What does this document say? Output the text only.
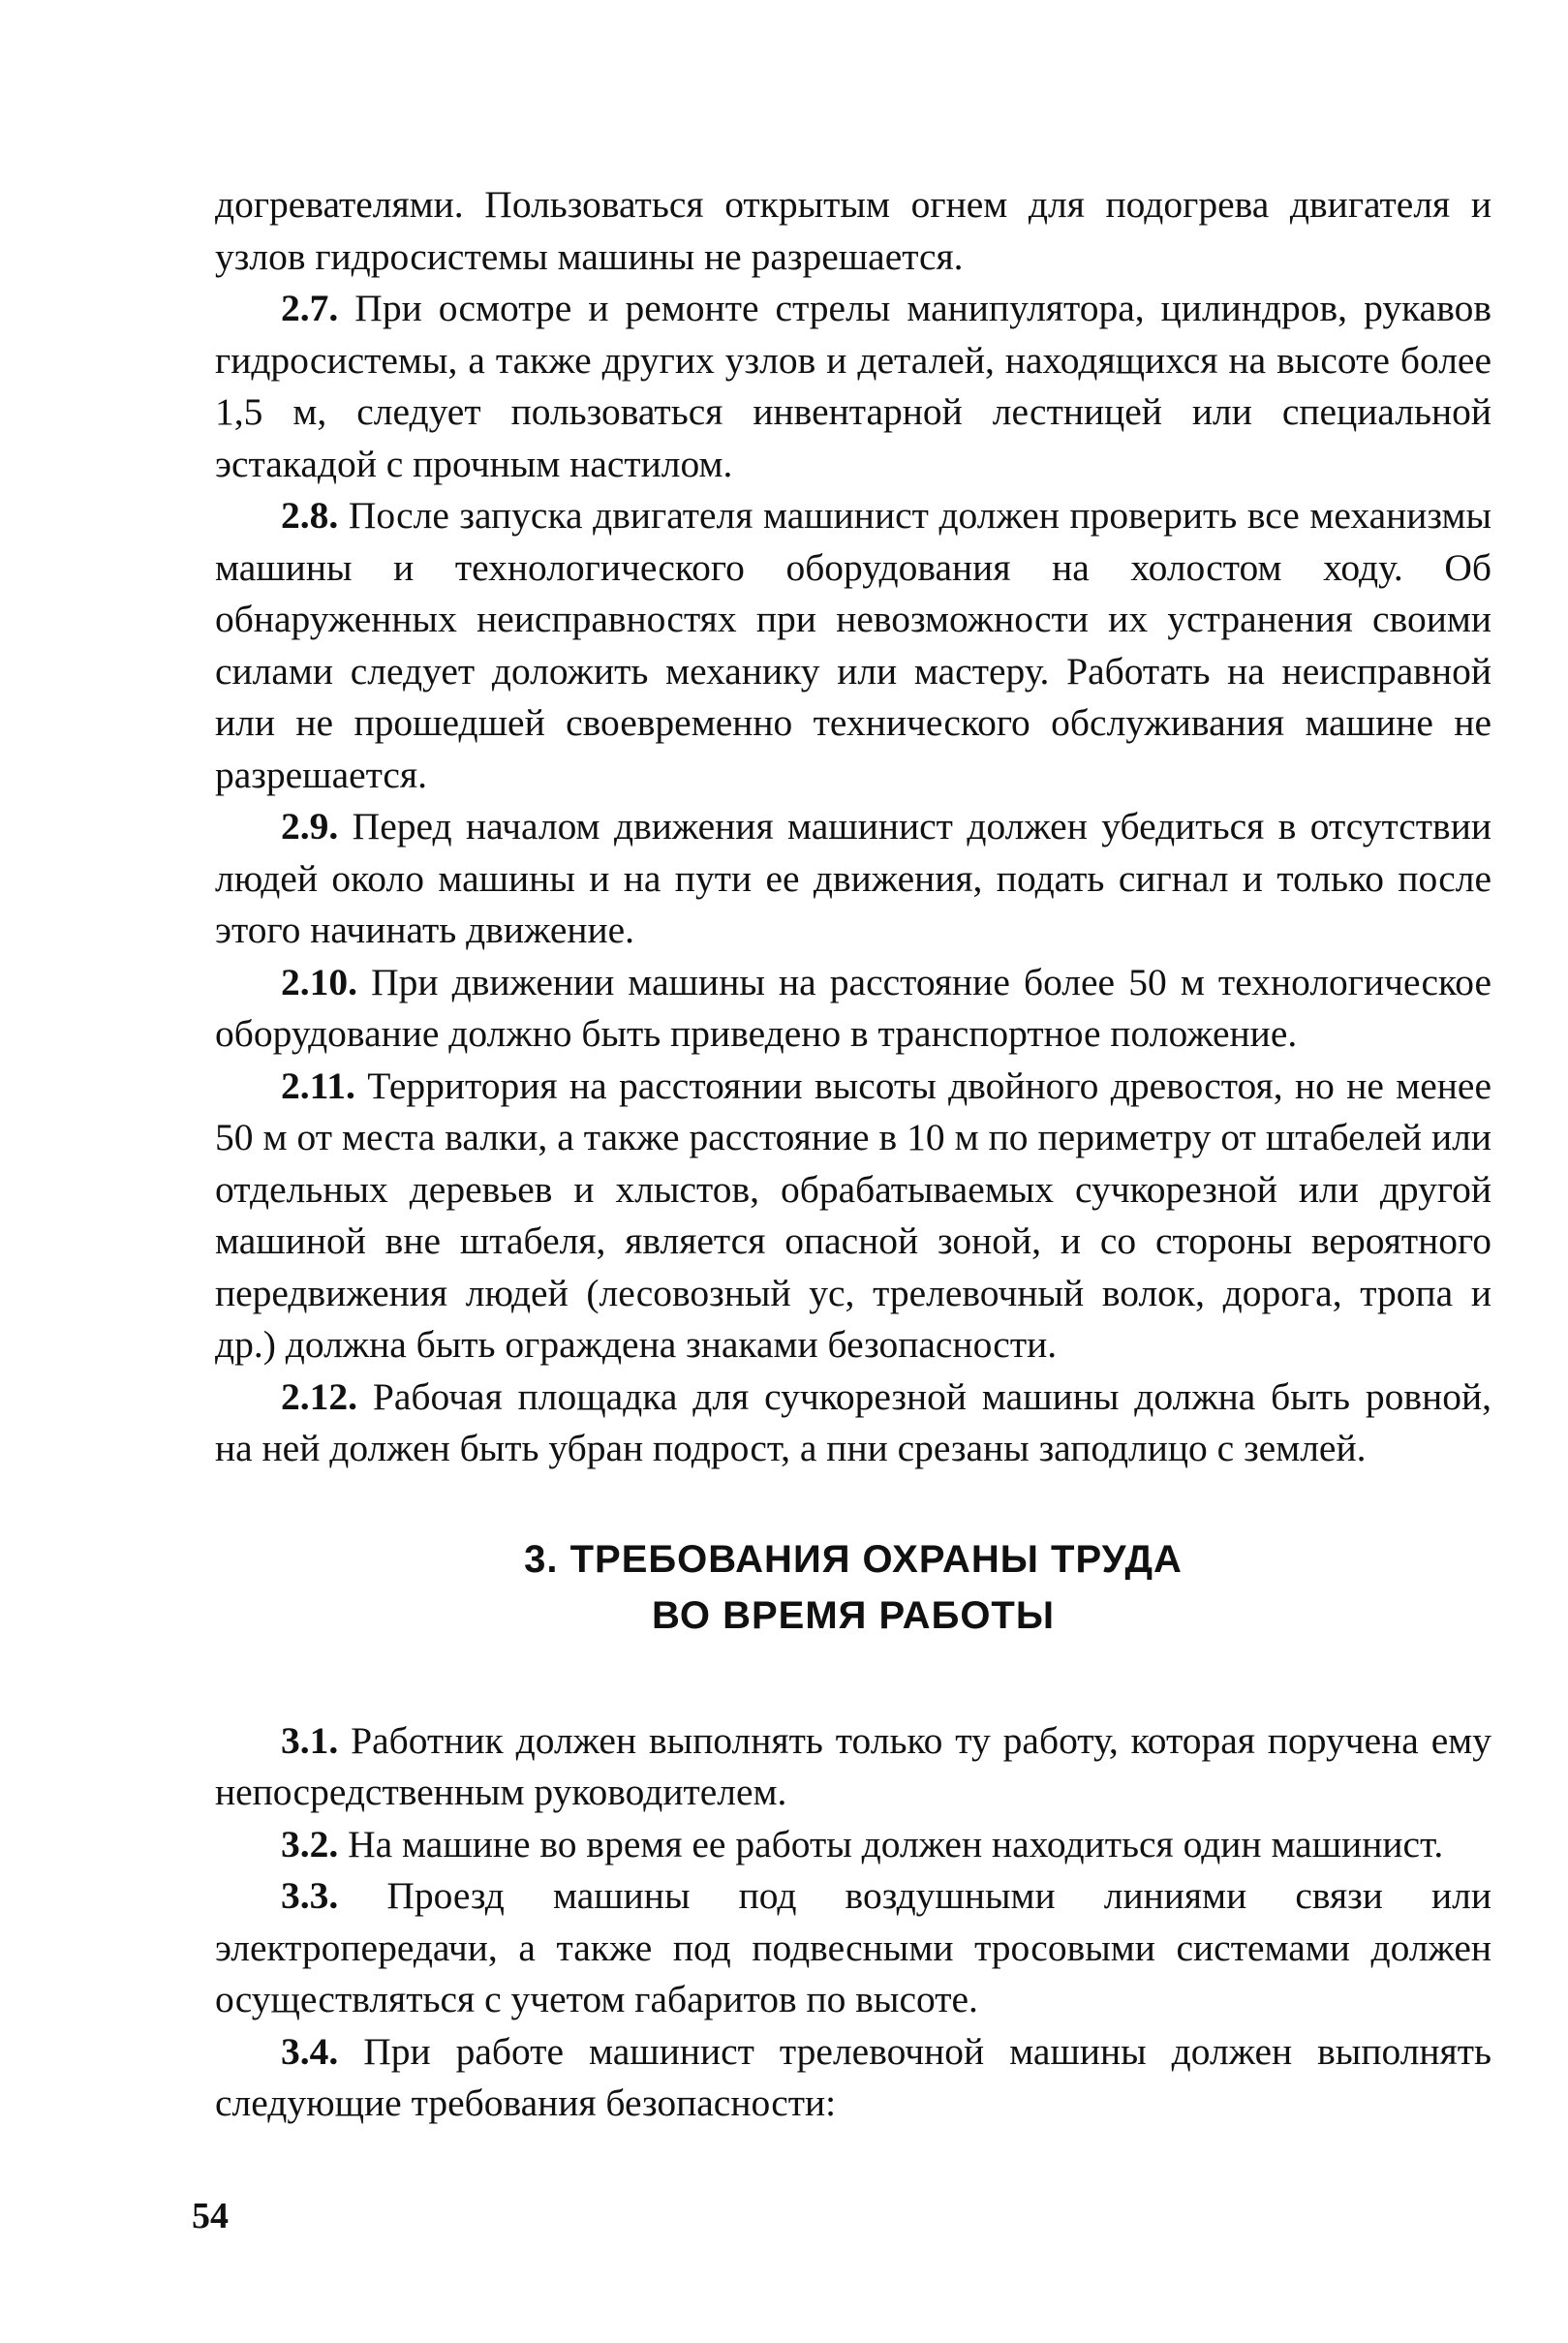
догревателями. Пользоваться открытым огнем для подогрева двигателя и узлов гидросистемы машины не разрешается.

2.7. При осмотре и ремонте стрелы манипулятора, цилиндров, рукавов гидросистемы, а также других узлов и деталей, находящихся на высоте более 1,5 м, следует пользоваться инвентарной лестницей или специальной эстакадой с прочным настилом.

2.8. После запуска двигателя машинист должен проверить все механизмы машины и технологического оборудования на холостом ходу. Об обнаруженных неисправностях при невозможности их устранения своими силами следует доложить механику или мастеру. Работать на неисправной или не прошедшей своевременно технического обслуживания машине не разрешается.

2.9. Перед началом движения машинист должен убедиться в отсутствии людей около машины и на пути ее движения, подать сигнал и только после этого начинать движение.

2.10. При движении машины на расстояние более 50 м технологическое оборудование должно быть приведено в транспортное положение.

2.11. Территория на расстоянии высоты двойного древостоя, но не менее 50 м от места валки, а также расстояние в 10 м по периметру от штабелей или отдельных деревьев и хлыстов, обрабатываемых сучкорезной или другой машиной вне штабеля, является опасной зоной, и со стороны вероятного передвижения людей (лесовозный ус, трелевочный волок, дорога, тропа и др.) должна быть ограждена знаками безопасности.

2.12. Рабочая площадка для сучкорезной машины должна быть ровной, на ней должен быть убран подрост, а пни срезаны заподлицо с землей.

3. ТРЕБОВАНИЯ ОХРАНЫ ТРУДА
ВО ВРЕМЯ РАБОТЫ

3.1. Работник должен выполнять только ту работу, которая поручена ему непосредственным руководителем.

3.2. На машине во время ее работы должен находиться один машинист.

3.3. Проезд машины под воздушными линиями связи или электропередачи, а также под подвесными тросовыми системами должен осуществляться с учетом габаритов по высоте.

3.4. При работе машинист трелевочной машины должен выполнять следующие требования безопасности:

54
